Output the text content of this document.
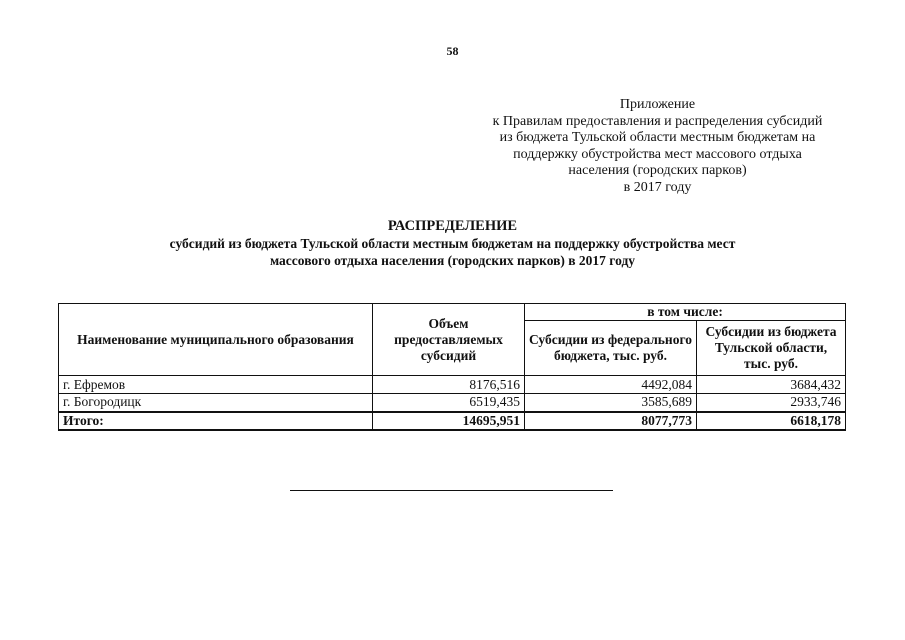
58
Приложение
к Правилам предоставления и распределения субсидий
из бюджета Тульской области местным бюджетам на
поддержку обустройства мест массового отдыха
населения (городских парков)
в 2017 году
РАСПРЕДЕЛЕНИЕ
субсидий из бюджета Тульской области местным бюджетам на поддержку обустройства мест
массового отдыха населения (городских парков) в 2017 году
Наименование муниципального образования	Объем предоставляемых субсидий	в том числе:	
		Субсидии из федерального бюджета, тыс. руб.	Субсидии из бюджета Тульской области, тыс. руб.
г. Ефремов	8176,516	4492,084	3684,432
г. Богородицк	6519,435	3585,689	2933,746
Итого:	14695,951	8077,773	6618,178
